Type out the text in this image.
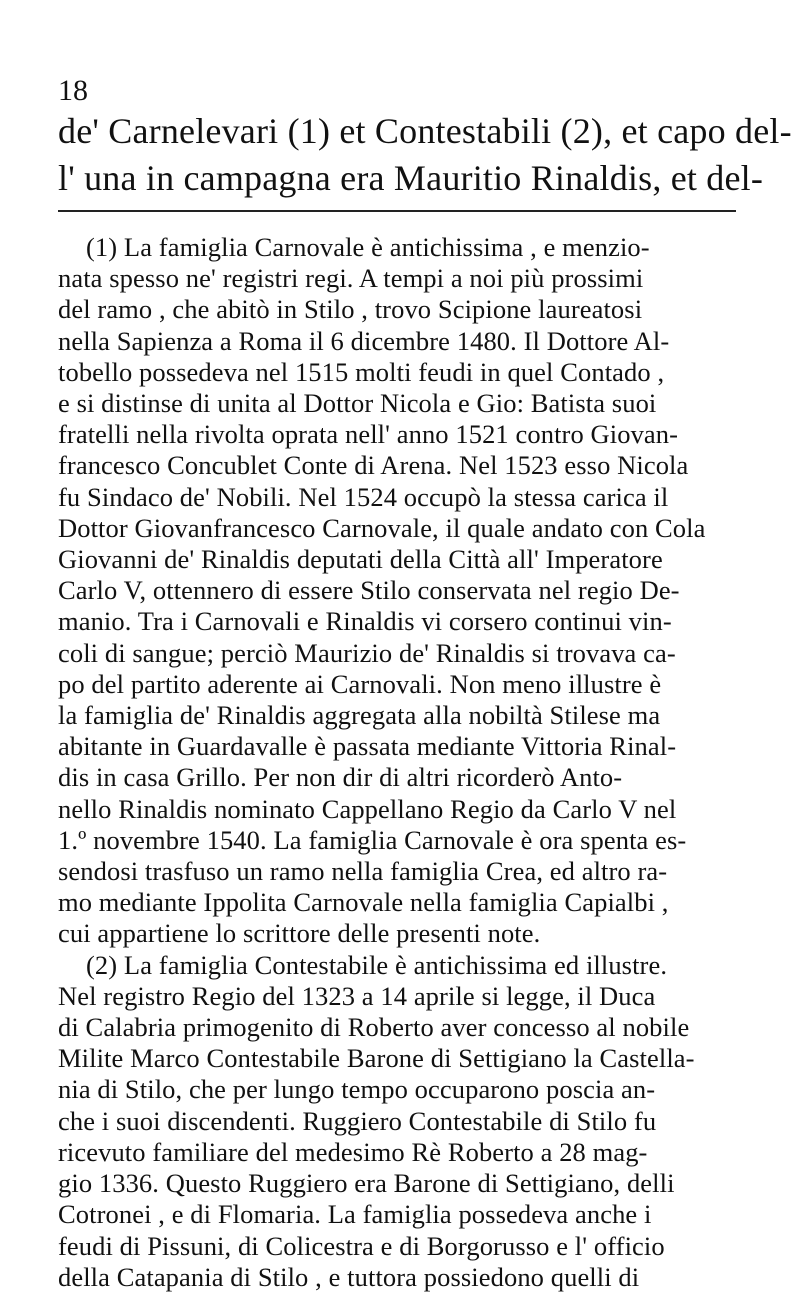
18
de' Carnelevari (1) et Contestabili (2), et capo del-
l' una in campagna era Mauritio Rinaldis, et del-
(1) La famiglia Carnovale è antichissima , e menzio-
nata spesso ne' registri regi. A tempi a noi più prossimi
del ramo , che abitò in Stilo , trovo Scipione laureatosi
nella Sapienza a Roma il 6 dicembre 1480. Il Dottore Al-
tobello possedeva nel 1515 molti feudi in quel Contado ,
e si distinse di unita al Dottor Nicola e Gio: Batista suoi
fratelli nella rivolta oprata nell' anno 1521 contro Giovan-
francesco Concublet Conte di Arena. Nel 1523 esso Nicola
fu Sindaco de' Nobili. Nel 1524 occupò la stessa carica il
Dottor Giovanfrancesco Carnovale, il quale andato con Cola
Giovanni de' Rinaldis deputati della Città all' Imperatore
Carlo V, ottennero di essere Stilo conservata nel regio De-
manio. Tra i Carnovali e Rinaldis vi corsero continui vin-
coli di sangue; perciò Maurizio de' Rinaldis si trovava ca-
po del partito aderente ai Carnovali. Non meno illustre è
la famiglia de' Rinaldis aggregata alla nobiltà Stilese ma
abitante in Guardavalle è passata mediante Vittoria Rinal-
dis in casa Grillo. Per non dir di altri ricorderò Anto-
nello Rinaldis nominato Cappellano Regio da Carlo V nel
1.º novembre 1540. La famiglia Carnovale è ora spenta es-
sendosi trasfuso un ramo nella famiglia Crea, ed altro ra-
mo mediante Ippolita Carnovale nella famiglia Capialbi ,
cui appartiene lo scrittore delle presenti note.
(2) La famiglia Contestabile è antichissima ed illustre.
Nel registro Regio del 1323 a 14 aprile si legge, il Duca
di Calabria primogenito di Roberto aver concesso al nobile
Milite Marco Contestabile Barone di Settigiano la Castella-
nia di Stilo, che per lungo tempo occuparono poscia an-
che i suoi discendenti. Ruggiero Contestabile di Stilo fu
ricevuto familiare del medesimo Rè Roberto a 28 mag-
gio 1336. Questo Ruggiero era Barone di Settigiano, delli
Cotronei , e di Flomaria. La famiglia possedeva anche i
feudi di Pissuni, di Colicestra e di Borgorusso e l' officio
della Catapania di Stilo , e tuttora possiedono quelli di
